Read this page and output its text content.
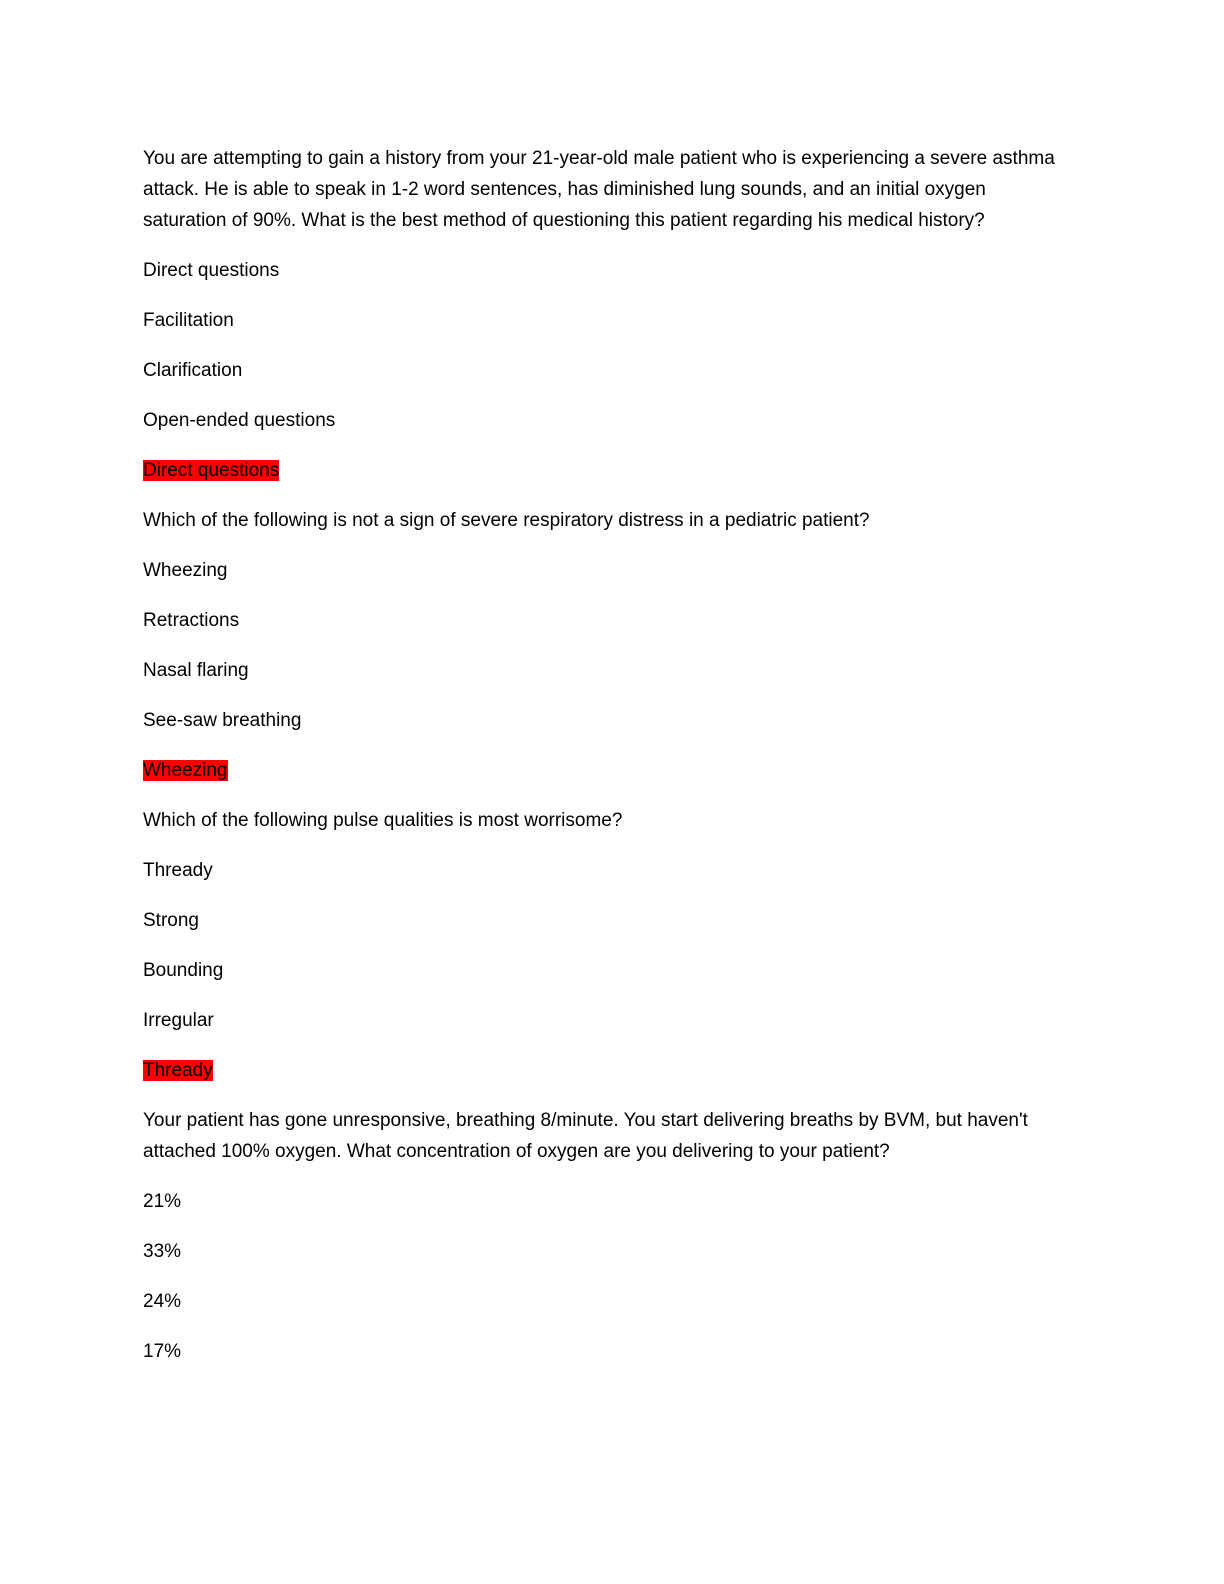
You are attempting to gain a history from your 21-year-old male patient who is experiencing a severe asthma attack. He is able to speak in 1-2 word sentences, has diminished lung sounds, and an initial oxygen saturation of 90%. What is the best method of questioning this patient regarding his medical history?

Direct questions
Facilitation
Clarification
Open-ended questions
Direct questions

Which of the following is not a sign of severe respiratory distress in a pediatric patient?

Wheezing
Retractions
Nasal flaring
See-saw breathing
Wheezing

Which of the following pulse qualities is most worrisome?

Thready
Strong
Bounding
Irregular
Thready

Your patient has gone unresponsive, breathing 8/minute. You start delivering breaths by BVM, but haven't attached 100% oxygen. What concentration of oxygen are you delivering to your patient?

21%
33%
24%
17%
